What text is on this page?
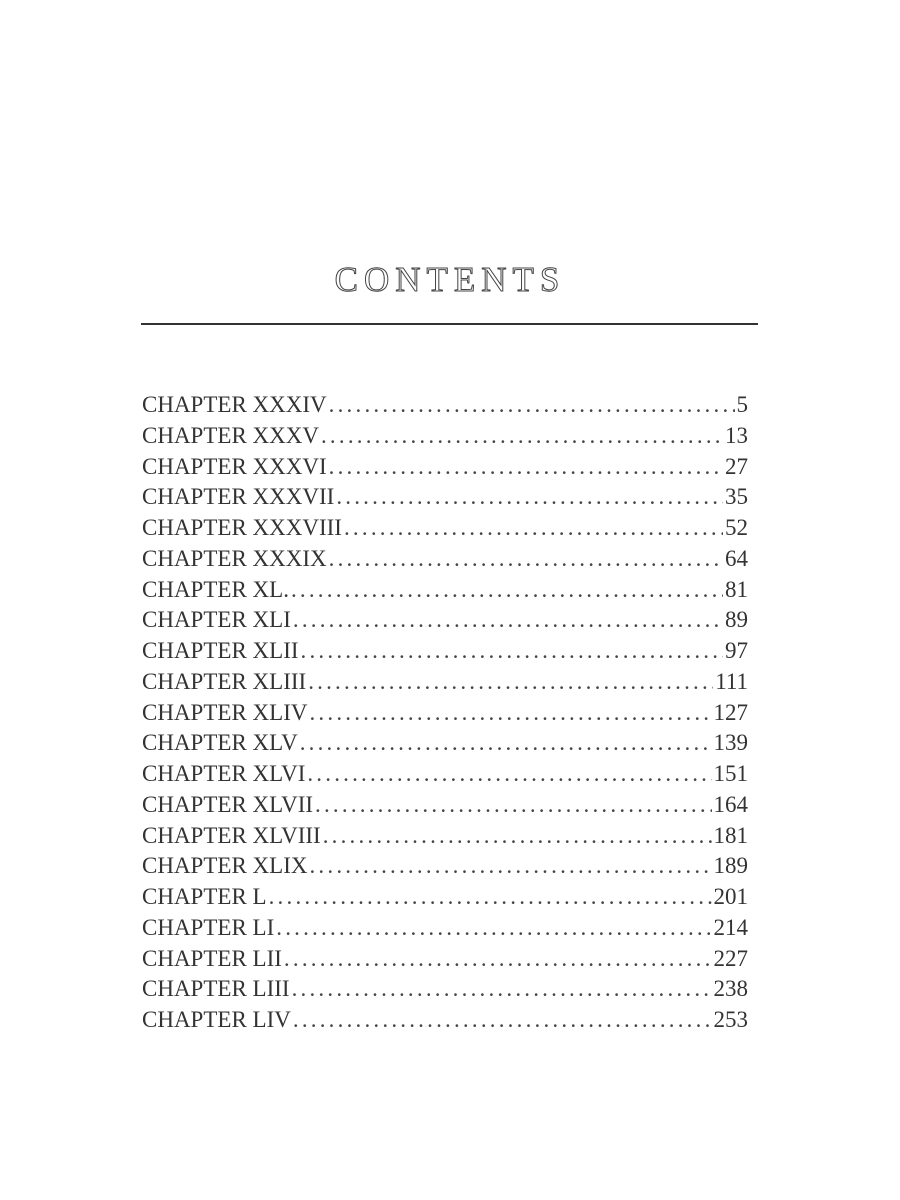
CONTENTS
CHAPTER XXXIV .....	5
CHAPTER XXXV .....	13
CHAPTER XXXVI .....	27
CHAPTER XXXVII .....	35
CHAPTER XXXVIII .....	52
CHAPTER XXXIX .....	64
CHAPTER XL. .....	81
CHAPTER XLI .....	89
CHAPTER XLII .....	97
CHAPTER XLIII .....	111
CHAPTER XLIV .....	127
CHAPTER XLV .....	139
CHAPTER XLVI .....	151
CHAPTER XLVII .....	164
CHAPTER XLVIII .....	181
CHAPTER XLIX .....	189
CHAPTER L .....	201
CHAPTER LI .....	214
CHAPTER LII .....	227
CHAPTER LIII .....	238
CHAPTER LIV .....	253
